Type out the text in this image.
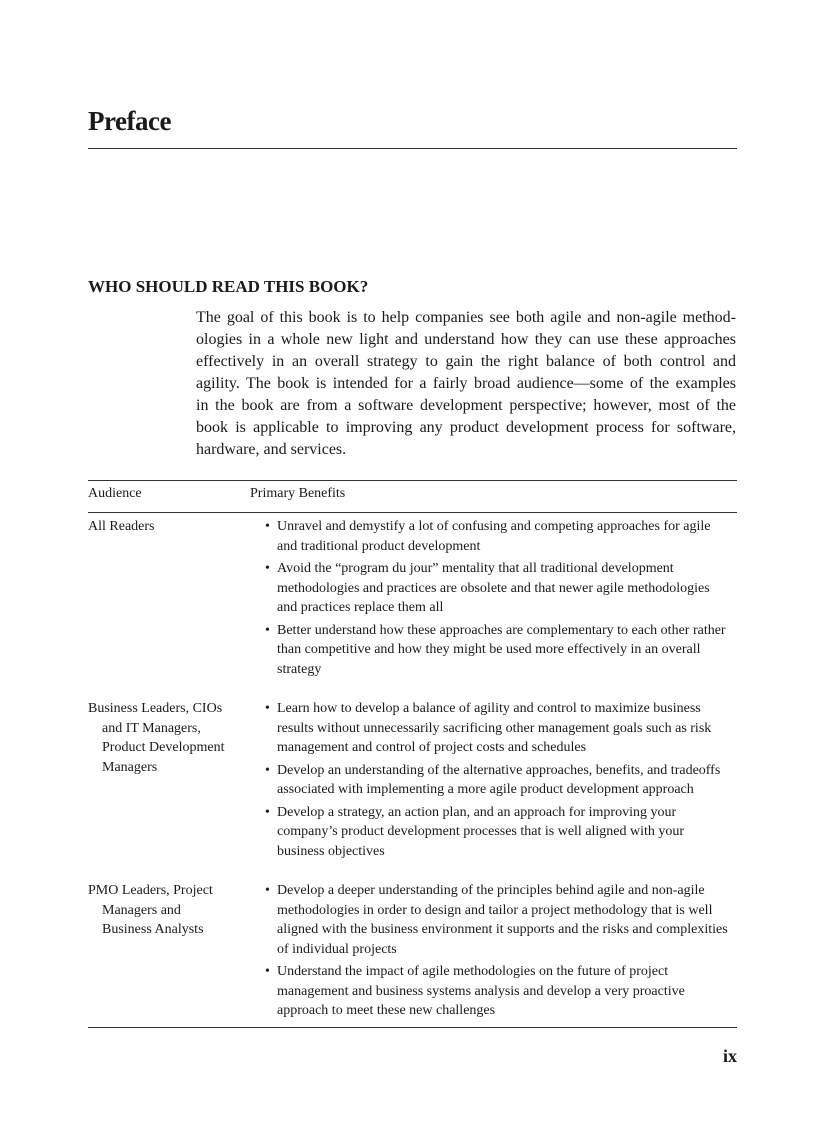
Preface
WHO SHOULD READ THIS BOOK?
The goal of this book is to help companies see both agile and non-agile method-
ologies in a whole new light and understand how they can use these approaches
effectively in an overall strategy to gain the right balance of both control and
agility. The book is intended for a fairly broad audience—some of the examples
in the book are from a software development perspective; however, most of the
book is applicable to improving any product development process for software,
hardware, and services.
Audience	Primary Benefits
All Readers	• Unravel and demystify a lot of confusing and competing approaches for agile
and traditional product development
• Avoid the “program du jour” mentality that all traditional development
methodologies and practices are obsolete and that newer agile methodologies
and practices replace them all
• Better understand how these approaches are complementary to each other rather
than competitive and how they might be used more effectively in an overall
strategy
Business Leaders, CIOs
and IT Managers,
Product Development
Managers
• Learn how to develop a balance of agility and control to maximize business
results without unnecessarily sacrificing other management goals such as risk
management and control of project costs and schedules
• Develop an understanding of the alternative approaches, benefits, and tradeoffs
associated with implementing a more agile product development approach
• Develop a strategy, an action plan, and an approach for improving your
company’s product development processes that is well aligned with your
business objectives
PMO Leaders, Project
Managers and
Business Analysts
• Develop a deeper understanding of the principles behind agile and non-agile
methodologies in order to design and tailor a project methodology that is well
aligned with the business environment it supports and the risks and complexities
of individual projects
• Understand the impact of agile methodologies on the future of project
management and business systems analysis and develop a very proactive
approach to meet these new challenges
ix
